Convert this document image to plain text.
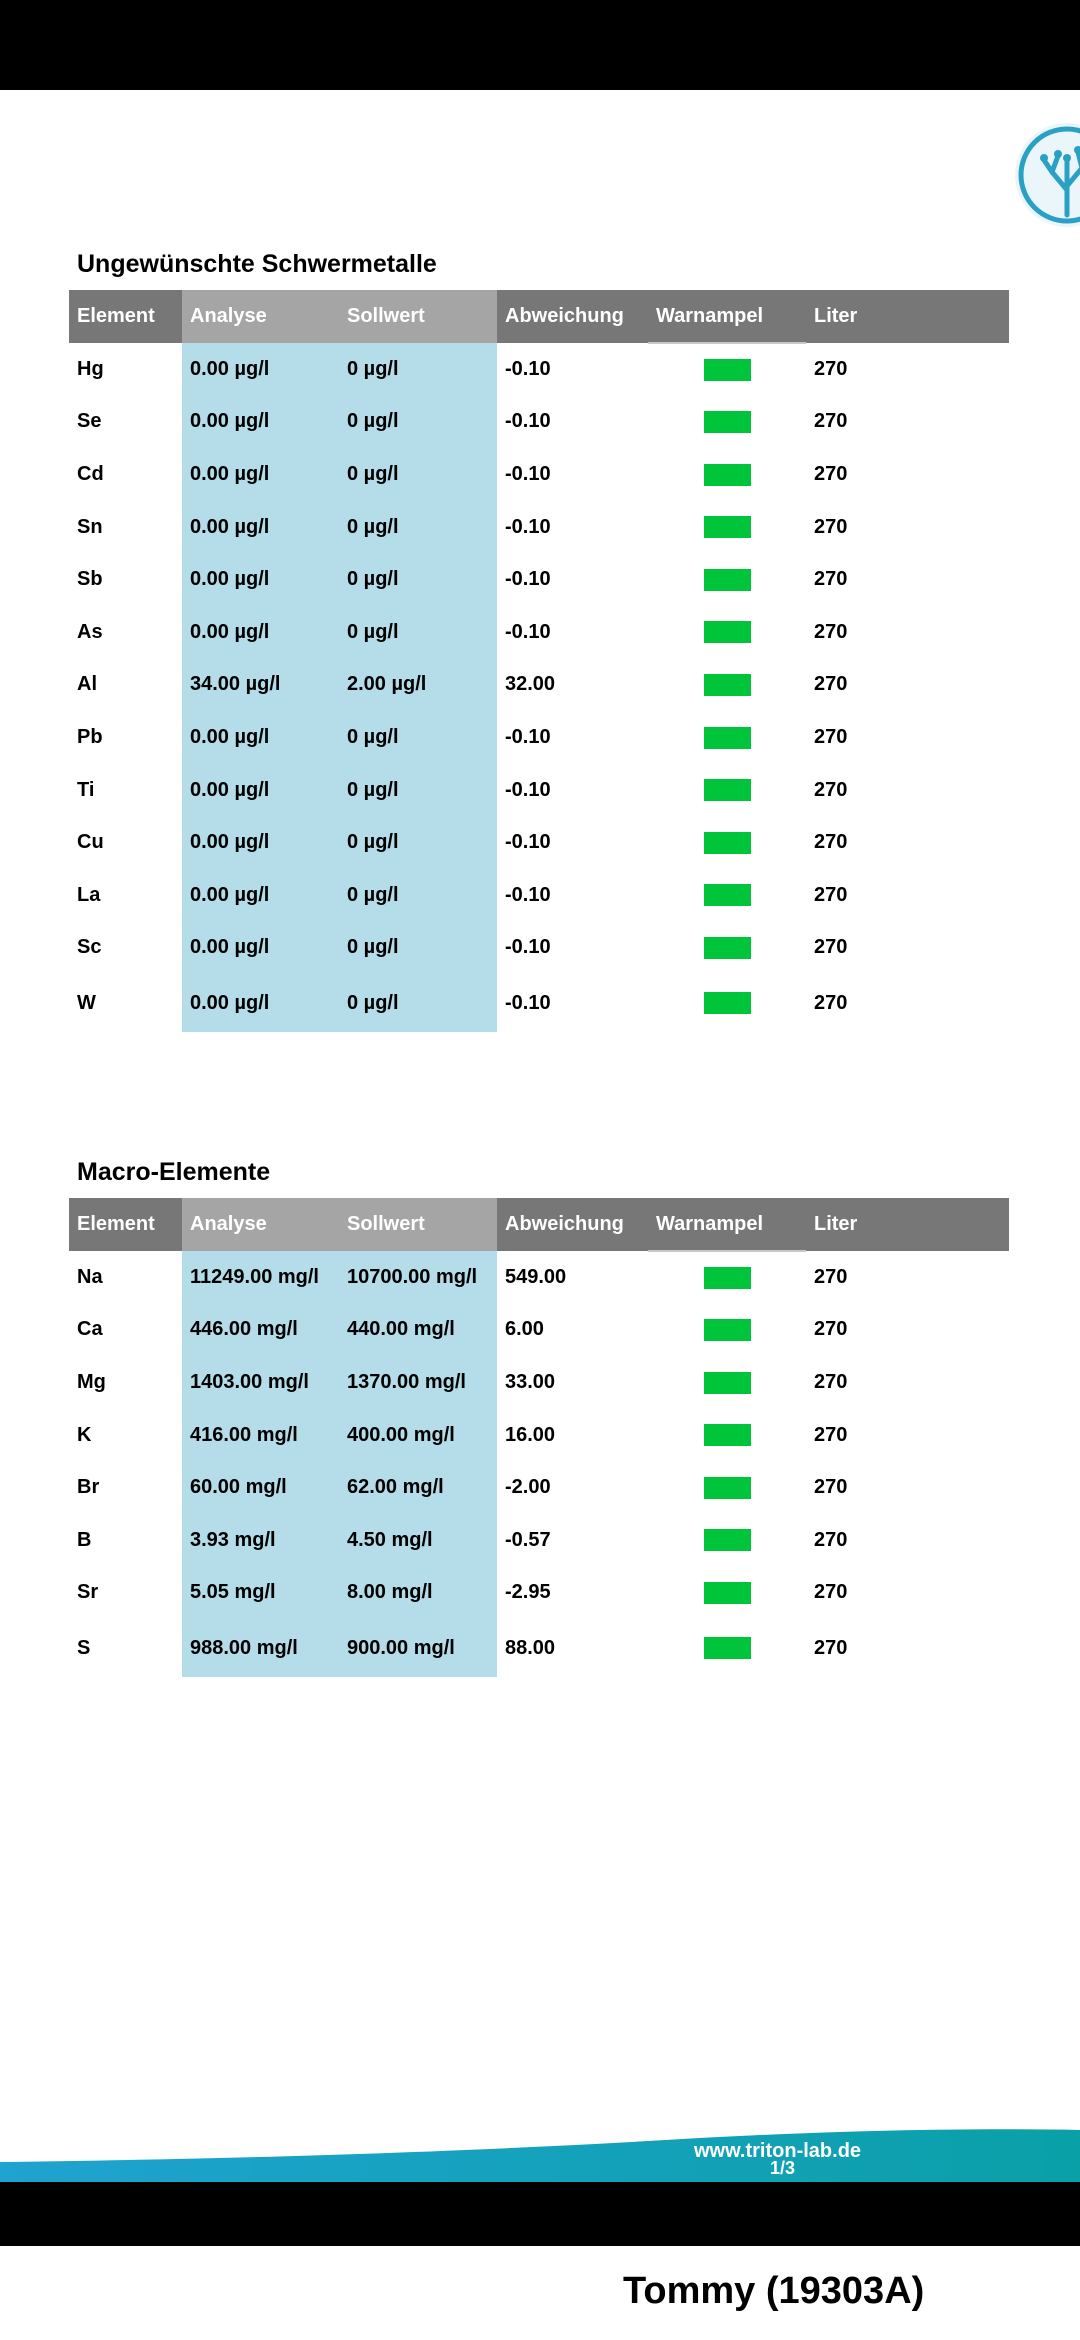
Ungewünschte Schwermetalle
Element	Analyse	Sollwert	Abweichung	Warnampel	Liter
Hg	0.00 µg/l	0 µg/l	-0.10		270
Se	0.00 µg/l	0 µg/l	-0.10		270
Cd	0.00 µg/l	0 µg/l	-0.10		270
Sn	0.00 µg/l	0 µg/l	-0.10		270
Sb	0.00 µg/l	0 µg/l	-0.10		270
As	0.00 µg/l	0 µg/l	-0.10		270
Al	34.00 µg/l	2.00 µg/l	32.00		270
Pb	0.00 µg/l	0 µg/l	-0.10		270
Ti	0.00 µg/l	0 µg/l	-0.10		270
Cu	0.00 µg/l	0 µg/l	-0.10		270
La	0.00 µg/l	0 µg/l	-0.10		270
Sc	0.00 µg/l	0 µg/l	-0.10		270
W	0.00 µg/l	0 µg/l	-0.10		270
Macro-Elemente
Element	Analyse	Sollwert	Abweichung	Warnampel	Liter
Na	11249.00 mg/l	10700.00 mg/l	549.00		270
Ca	446.00 mg/l	440.00 mg/l	6.00		270
Mg	1403.00 mg/l	1370.00 mg/l	33.00		270
K	416.00 mg/l	400.00 mg/l	16.00		270
Br	60.00 mg/l	62.00 mg/l	-2.00		270
B	3.93 mg/l	4.50 mg/l	-0.57		270
Sr	5.05 mg/l	8.00 mg/l	-2.95		270
S	988.00 mg/l	900.00 mg/l	88.00		270
www.triton-lab.de
1/3
Tommy (19303A)
